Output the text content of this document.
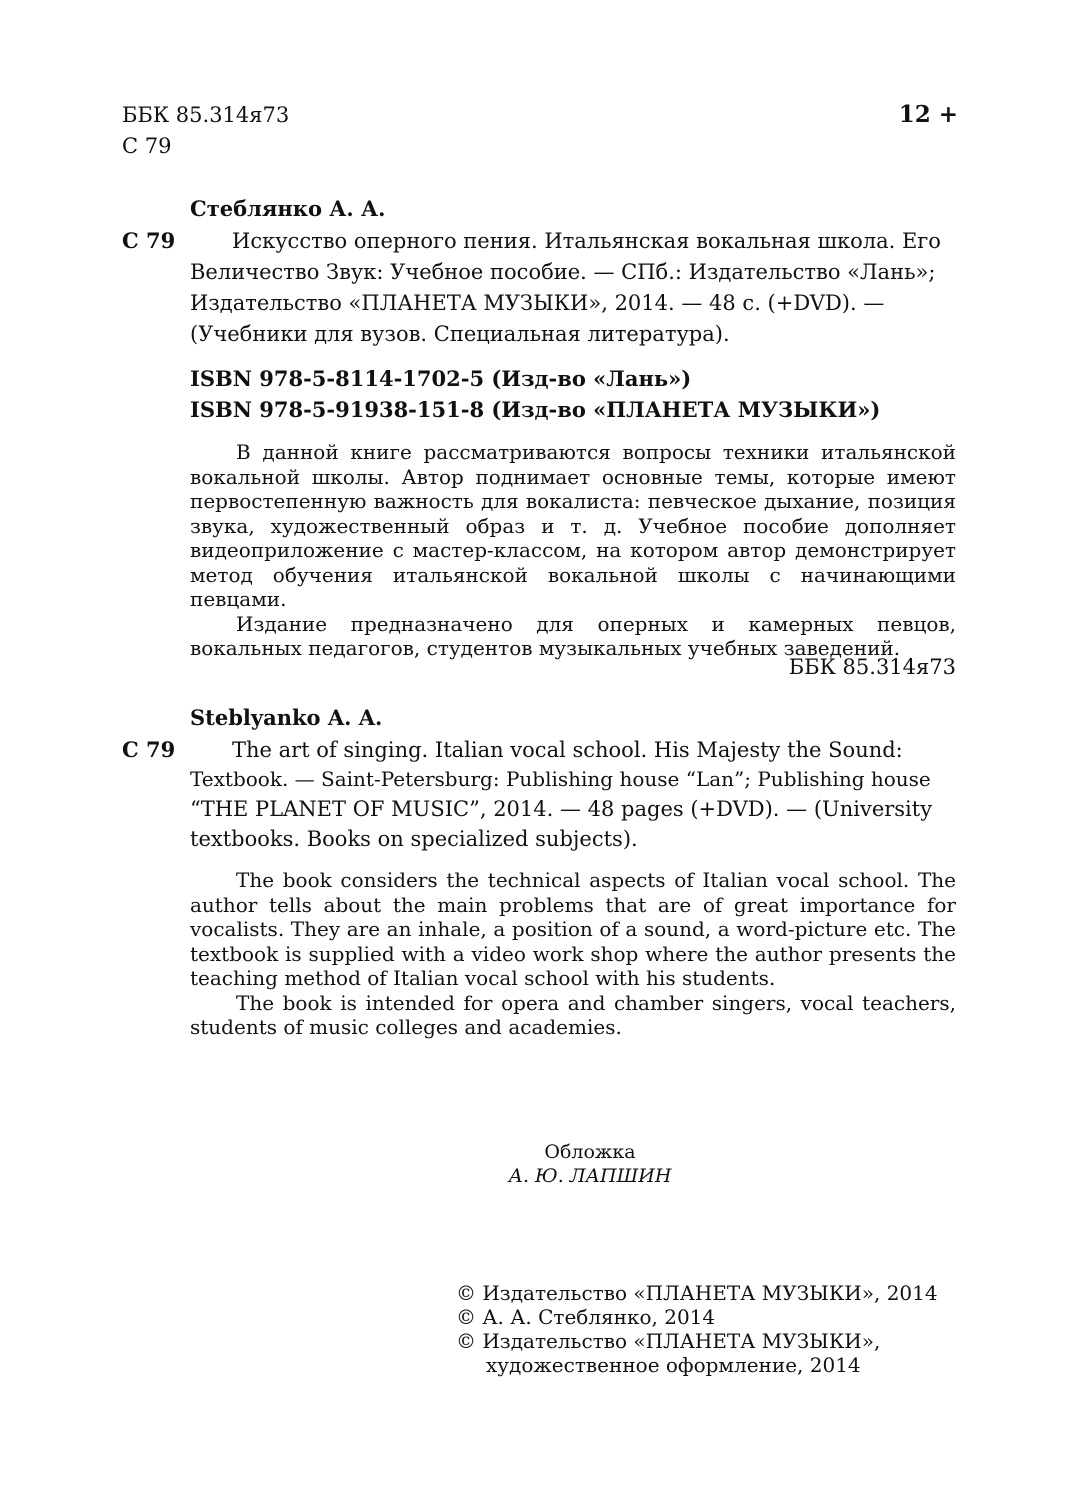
ББК 85.314я73
С 79
12 +
Стеблянко А. А.
С 79	Искусство оперного пения. Итальянская вокальная школа. Его
Величество Звук: Учебное пособие. — СПб.: Издательство «Лань»;
Издательство «ПЛАНЕТА МУЗЫКИ», 2014. — 48 с. (+DVD). —
(Учебники для вузов. Специальная литература).
ISBN 978-5-8114-1702-5 (Изд-во «Лань»)
ISBN 978-5-91938-151-8 (Изд-во «ПЛАНЕТА МУЗЫКИ»)

В данной книге рассматриваются вопросы техники итальянской вокальной школы. Автор поднимает основные темы, которые имеют первостепенную важность для вокалиста: певческое дыхание, позиция звука, художественный образ и т. д. Учебное пособие дополняет видеоприложение с мастер-классом, на котором автор демонстрирует метод обучения итальянской вокальной школы с начинающими певцами.

Издание предназначено для оперных и камерных певцов, вокальных педагогов, студентов музыкальных учебных заведений.

ББК 85.314я73
Steblyanko A. A.
С 79	The art of singing. Italian vocal school. His Majesty the Sound:
Textbook. — Saint-Petersburg: Publishing house “Lan”; Publishing house
“THE PLANET OF MUSIC”, 2014. — 48 pages (+DVD). — (University
textbooks. Books on specialized subjects).

The book considers the technical aspects of Italian vocal school. The author tells about the main problems that are of great importance for vocalists. They are an inhale, a position of a sound, a word-picture etc. The textbook is supplied with a video work shop where the author presents the teaching method of Italian vocal school with his students.

The book is intended for opera and chamber singers, vocal teachers, students of music colleges and academies.

Обложка
А. Ю. ЛАПШИН
© Издательство «ПЛАНЕТА МУЗЫКИ», 2014
© А. А. Стеблянко, 2014
© Издательство «ПЛАНЕТА МУЗЫКИ»,
художественное оформление, 2014
